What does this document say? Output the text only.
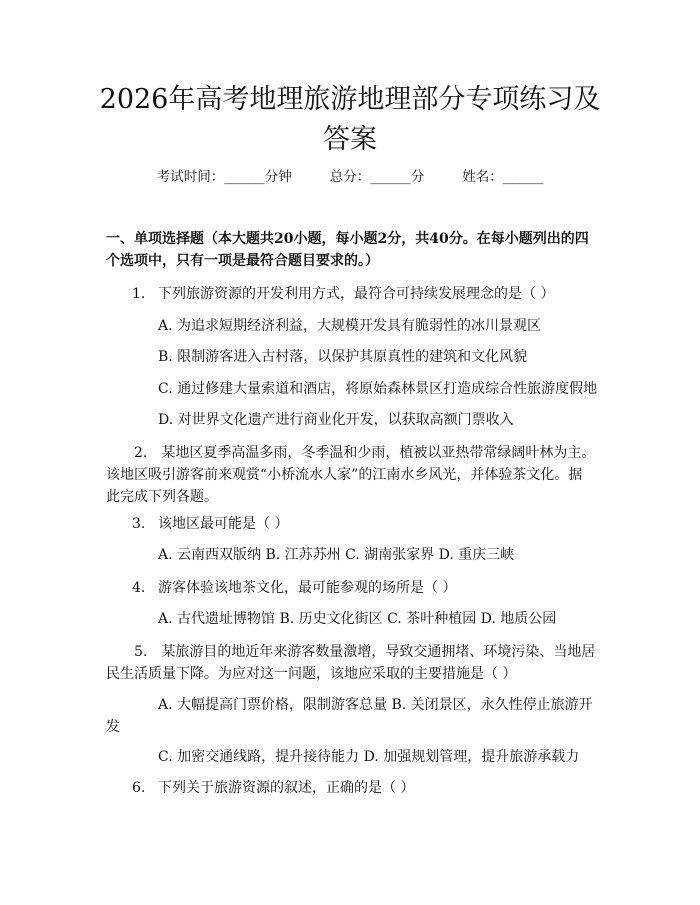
2026年高考地理旅游地理部分专项练习及答案
考试时间：______分钟	总分：______分	姓名：______
一、单项选择题（本大题共20小题，每小题2分，共40分。在每小题列出的四个选项中，只有一项是最符合题目要求的。）
1. 下列旅游资源的开发利用方式，最符合可持续发展理念的是（ ）
A. 为追求短期经济利益，大规模开发具有脆弱性的冰川景观区
B. 限制游客进入古村落，以保护其原真性的建筑和文化风貌
C. 通过修建大量索道和酒店，将原始森林景区打造成综合性旅游度假地
D. 对世界文化遗产进行商业化开发，以获取高额门票收入
2.　某地区夏季高温多雨，冬季温和少雨，植被以亚热带常绿阔叶林为主。该地区吸引游客前来观赏“小桥流水人家”的江南水乡风光，并体验茶文化。据此完成下列各题。
3. 该地区最可能是（ ）
A. 云南西双版纳 B. 江苏苏州 C. 湖南张家界 D. 重庆三峡
4. 游客体验该地茶文化，最可能参观的场所是（ ）
A. 古代遗址博物馆 B. 历史文化街区 C. 茶叶种植园 D. 地质公园
5.　某旅游目的地近年来游客数量激增，导致交通拥堵、环境污染、当地居民生活质量下降。为应对这一问题，该地应采取的主要措施是（ ）
A. 大幅提高门票价格，限制游客总量 B. 关闭景区，永久性停止旅游开发
C. 加密交通线路，提升接待能力 D. 加强规划管理，提升旅游承载力
6. 下列关于旅游资源的叙述，正确的是（ ）
